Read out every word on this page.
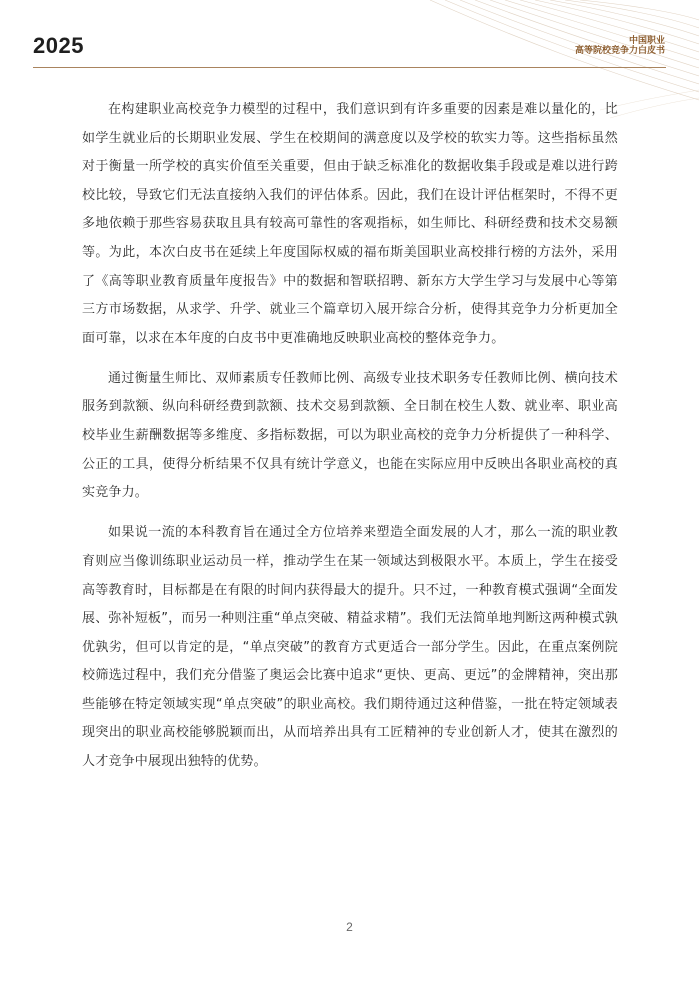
2025	中国职业
高等院校竞争力白皮书

在构建职业高校竞争力模型的过程中，我们意识到有许多重要的因素是难以量化的，比如学生就业后的长期职业发展、学生在校期间的满意度以及学校的软实力等。这些指标虽然对于衡量一所学校的真实价值至关重要，但由于缺乏标准化的数据收集手段或是难以进行跨校比较，导致它们无法直接纳入我们的评估体系。因此，我们在设计评估框架时，不得不更多地依赖于那些容易获取且具有较高可靠性的客观指标，如生师比、科研经费和技术交易额等。为此，本次白皮书在延续上年度国际权威的福布斯美国职业高校排行榜的方法外，采用了《高等职业教育质量年度报告》中的数据和智联招聘、新东方大学生学习与发展中心等第三方市场数据，从求学、升学、就业三个篇章切入展开综合分析，使得其竞争力分析更加全面可靠，以求在本年度的白皮书中更准确地反映职业高校的整体竞争力。

通过衡量生师比、双师素质专任教师比例、高级专业技术职务专任教师比例、横向技术服务到款额、纵向科研经费到款额、技术交易到款额、全日制在校生人数、就业率、职业高校毕业生薪酬数据等多维度、多指标数据，可以为职业高校的竞争力分析提供了一种科学、公正的工具，使得分析结果不仅具有统计学意义，也能在实际应用中反映出各职业高校的真实竞争力。

如果说一流的本科教育旨在通过全方位培养来塑造全面发展的人才，那么一流的职业教育则应当像训练职业运动员一样，推动学生在某一领域达到极限水平。本质上，学生在接受高等教育时，目标都是在有限的时间内获得最大的提升。只不过，一种教育模式强调“全面发展、弥补短板”，而另一种则注重“单点突破、精益求精”。我们无法简单地判断这两种模式孰优孰劣，但可以肯定的是，“单点突破”的教育方式更适合一部分学生。因此，在重点案例院校筛选过程中，我们充分借鉴了奥运会比赛中追求“更快、更高、更远”的金牌精神，突出那些能够在特定领域实现“单点突破”的职业高校。我们期待通过这种借鉴，一批在特定领域表现突出的职业高校能够脱颖而出，从而培养出具有工匠精神的专业创新人才，使其在激烈的人才竞争中展现出独特的优势。

2
